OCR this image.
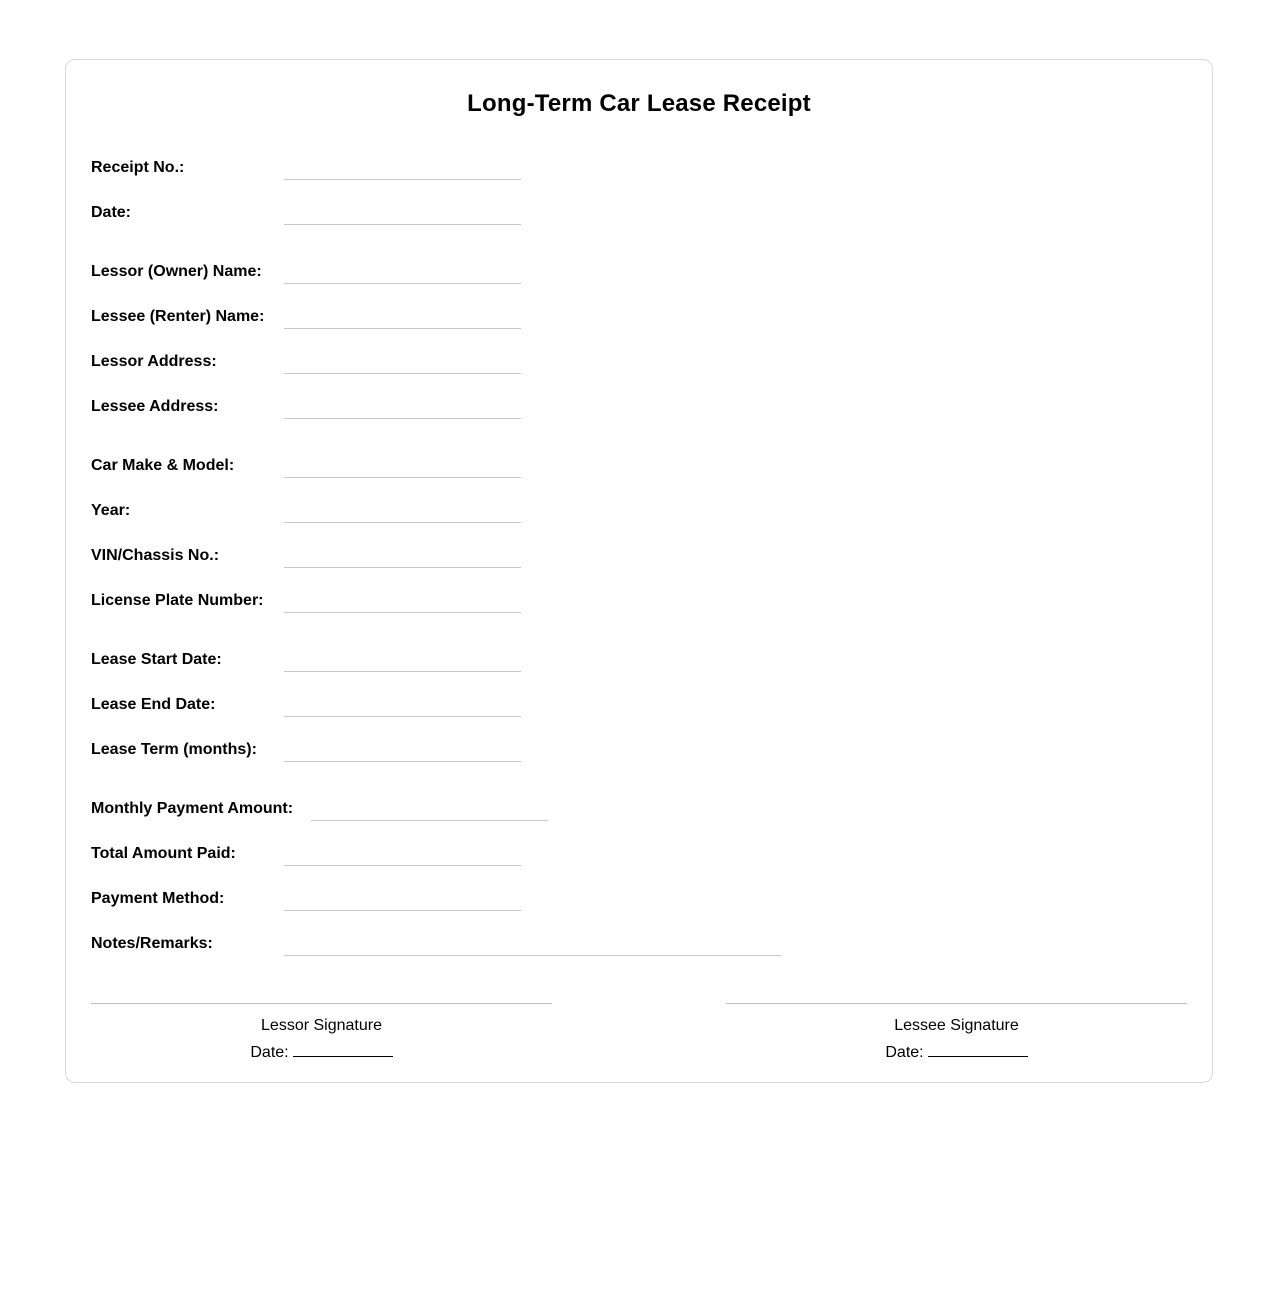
Long-Term Car Lease Receipt
Receipt No.:
Date:
Lessor (Owner) Name:
Lessee (Renter) Name:
Lessor Address:
Lessee Address:
Car Make & Model:
Year:
VIN/Chassis No.:
License Plate Number:
Lease Start Date:
Lease End Date:
Lease Term (months):
Monthly Payment Amount:
Total Amount Paid:
Payment Method:
Notes/Remarks:
Lessor Signature
Date:
Lessee Signature
Date:
